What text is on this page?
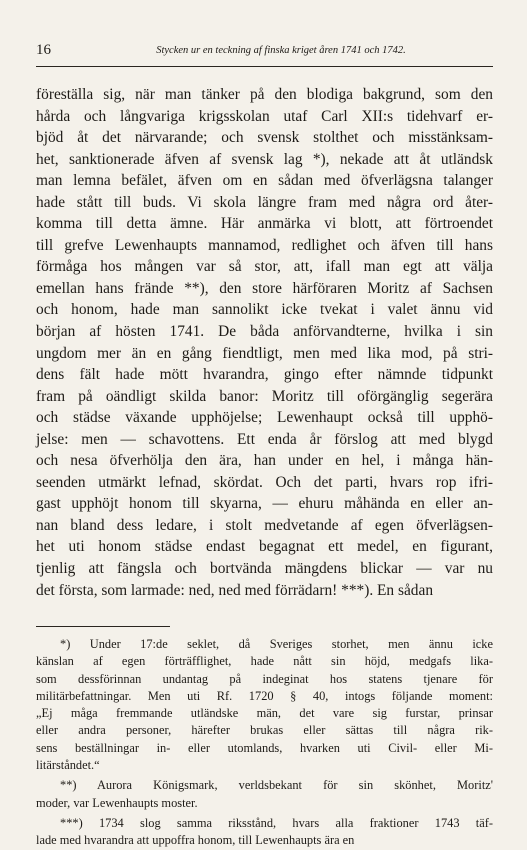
16	Stycken ur en teckning af finska kriget åren 1741 och 1742.
föreställa sig, när man tänker på den blodiga bakgrund, som den
hårda och långvariga krigsskolan utaf Carl XII:s tidehvarf er-
bjöd åt det närvarande; och svensk stolthet och misstänksam-
het, sanktionerade äfven af svensk lag *), nekade att åt utländsk
man lemna befälet, äfven om en sådan med öfverlägsna talanger
hade stått till buds. Vi skola längre fram med några ord åter-
komma till detta ämne. Här anmärka vi blott, att förtroendet
till grefve Lewenhaupts mannamod, redlighet och äfven till hans
förmåga hos mången var så stor, att, ifall man egt att välja
emellan hans frände **), den store härföraren Moritz af Sachsen
och honom, hade man sannolikt icke tvekat i valet ännu vid
början af hösten 1741. De båda anförvandterne, hvilka i sin
ungdom mer än en gång fiendtligt, men med lika mod, på stri-
dens fält hade mött hvarandra, gingo efter nämnde tidpunkt
fram på oändligt skilda banor: Moritz till oförgänglig segerära
och städse växande upphöjelse; Lewenhaupt också till upphö-
jelse: men — schavottens. Ett enda år förslog att med blygd
och nesa öfverhölja den ära, han under en hel, i många hän-
seenden utmärkt lefnad, skördat. Och det parti, hvars rop ifri-
gast upphöjt honom till skyarna, — ehuru måhända en eller an-
nan bland dess ledare, i stolt medvetande af egen öfverlägsen-
het uti honom städse endast begagnat ett medel, en figurant,
tjenlig att fängsla och bortvända mängdens blickar — var nu
det första, som larmade: ned, ned med förrädarn! ***). En sådan
*) Under 17:de seklet, då Sveriges storhet, men ännu icke
känslan af egen förträfflighet, hade nått sin höjd, medgafs lika-
som dessförinnan undantag på indeginat hos statens tjenare för
militärbefattningar. Men uti Rf. 1720 § 40, intogs följande moment:
„Ej måga fremmande utländske män, det vare sig furstar, prinsar
eller andra personer, härefter brukas eller sättas till några rik-
sens beställningar in- eller utomlands, hvarken uti Civil- eller Mi-
litärståndet.“
**) Aurora Königsmark, verldsbekant för sin skönhet, Moritz'
moder, var Lewenhaupts moster.
***) 1734 slog samma riksstånd, hvars alla fraktioner 1743 täf-
lade med hvarandra att uppoffra honom, till Lewenhaupts ära en
